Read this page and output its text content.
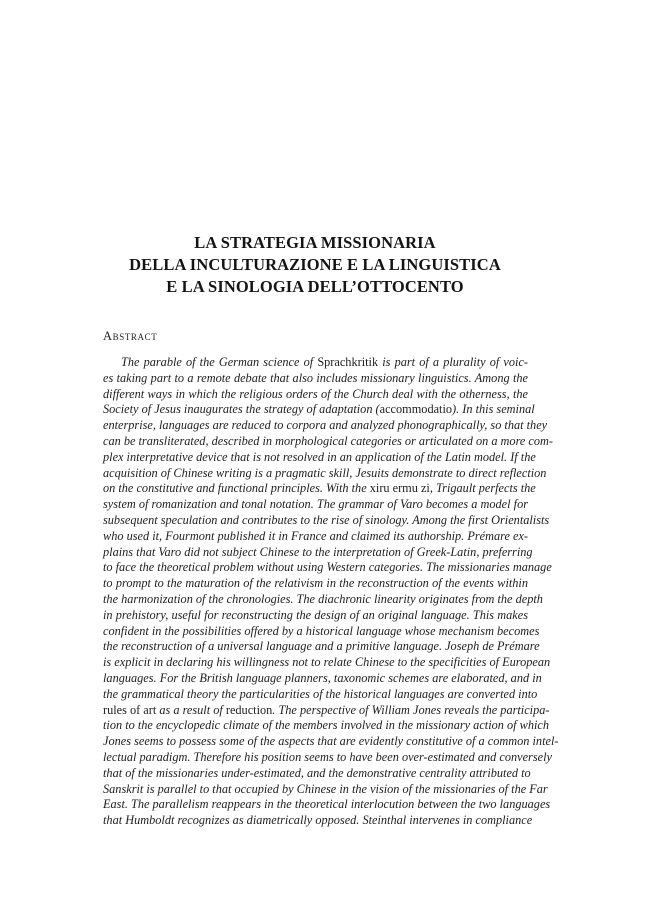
LA STRATEGIA MISSIONARIA
DELLA INCULTURAZIONE E LA LINGUISTICA
E LA SINOLOGIA DELL’OTTOCENTO
Abstract
The parable of the German science of Sprachkritik is part of a plurality of voic-
es taking part to a remote debate that also includes missionary linguistics. Among the
different ways in which the religious orders of the Church deal with the otherness, the
Society of Jesus inaugurates the strategy of adaptation (accommodatio). In this seminal
enterprise, languages are reduced to corpora and analyzed phonographically, so that they
can be transliterated, described in morphological categories or articulated on a more com-
plex interpretative device that is not resolved in an application of the Latin model. If the
acquisition of Chinese writing is a pragmatic skill, Jesuits demonstrate to direct reflection
on the constitutive and functional principles. With the xiru ermu zi, Trigault perfects the
system of romanization and tonal notation. The grammar of Varo becomes a model for
subsequent speculation and contributes to the rise of sinology. Among the first Orientalists
who used it, Fourmont published it in France and claimed its authorship. Prémare ex-
plains that Varo did not subject Chinese to the interpretation of Greek-Latin, preferring
to face the theoretical problem without using Western categories. The missionaries manage
to prompt to the maturation of the relativism in the reconstruction of the events within
the harmonization of the chronologies. The diachronic linearity originates from the depth
in prehistory, useful for reconstructing the design of an original language. This makes
confident in the possibilities offered by a historical language whose mechanism becomes
the reconstruction of a universal language and a primitive language. Joseph de Prémare
is explicit in declaring his willingness not to relate Chinese to the specificities of European
languages. For the British language planners, taxonomic schemes are elaborated, and in
the grammatical theory the particularities of the historical languages are converted into
rules of art as a result of reduction. The perspective of William Jones reveals the participa-
tion to the encyclopedic climate of the members involved in the missionary action of which
Jones seems to possess some of the aspects that are evidently constitutive of a common intel-
lectual paradigm. Therefore his position seems to have been over-estimated and conversely
that of the missionaries under-estimated, and the demonstrative centrality attributed to
Sanskrit is parallel to that occupied by Chinese in the vision of the missionaries of the Far
East. The parallelism reappears in the theoretical interlocution between the two languages
that Humboldt recognizes as diametrically opposed. Steinthal intervenes in compliance
